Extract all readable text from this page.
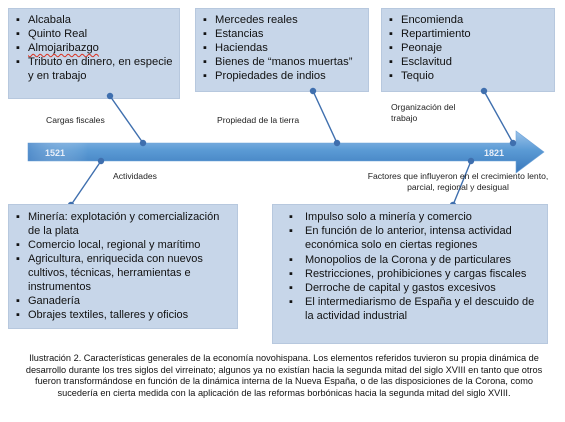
▪ Alcabala
▪ Quinto Real
▪ Almojaribazgo
▪ Tributo en dinero, en especie y en trabajo
▪ Mercedes reales
▪ Estancias
▪ Haciendas
▪ Bienes de “manos muertas”
▪ Propiedades de indios
▪ Encomienda
▪ Repartimiento
▪ Peonaje
▪ Esclavitud
▪ Tequio
1521	1821
Cargas fiscales	Propiedad de la tierra
Organización del trabajo
Actividades	Factores que influyeron en el crecimiento lento, parcial, regional y desigual
▪ Minería: explotación y comercialización de la plata
▪ Comercio local, regional y marítimo
▪ Agricultura, enriquecida con nuevos cultivos, técnicas, herramientas e instrumentos
▪ Ganadería
▪ Obrajes textiles, talleres y oficios
▪ Impulso solo a minería y comercio
▪ En función de lo anterior, intensa actividad económica solo en ciertas regiones
▪ Monopolios de la Corona y de particulares
▪ Restricciones, prohibiciones y cargas fiscales
▪ Derroche de capital y gastos excesivos
▪ El intermediarismo de España y el descuido de la actividad industrial
Ilustración 2. Características generales de la economía novohispana. Los elementos referidos tuvieron su propia dinámica de desarrollo durante los tres siglos del virreinato; algunos ya no existían hacia la segunda mitad del siglo XVIII en tanto que otros fueron transformándose en función de la dinámica interna de la Nueva España, o de las disposiciones de la Corona, como sucedería en cierta medida con la aplicación de las reformas borbónicas hacia la segunda mitad del siglo XVIII.
